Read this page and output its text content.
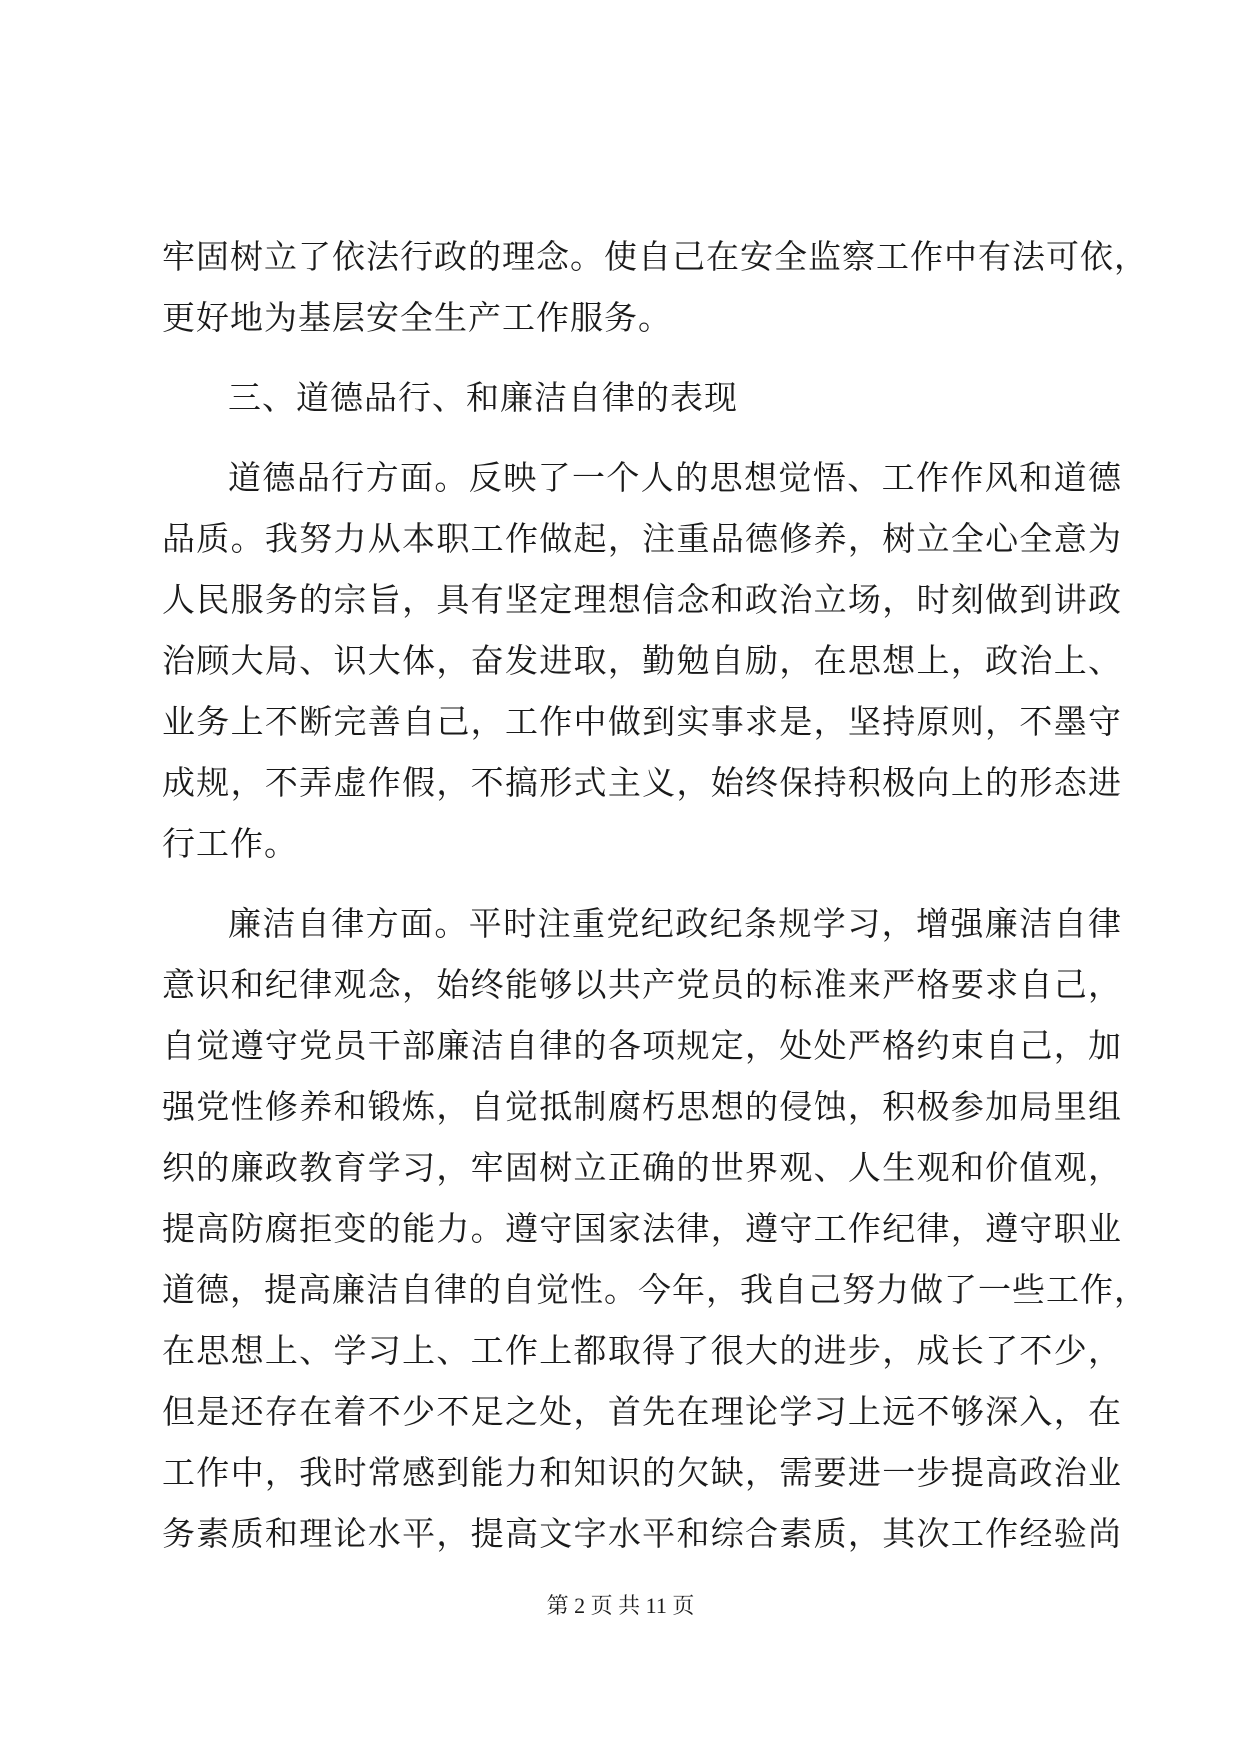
牢固树立了依法行政的理念。使自己在安全监察工作中有法可依，
更好地为基层安全生产工作服务。
三、道德品行、和廉洁自律的表现
道德品行方面。反映了一个人的思想觉悟、工作作风和道德
品质。我努力从本职工作做起，注重品德修养，树立全心全意为
人民服务的宗旨，具有坚定理想信念和政治立场，时刻做到讲政
治顾大局、识大体，奋发进取，勤勉自励，在思想上，政治上、
业务上不断完善自己，工作中做到实事求是，坚持原则，不墨守
成规，不弄虚作假，不搞形式主义，始终保持积极向上的形态进
行工作。
廉洁自律方面。平时注重党纪政纪条规学习，增强廉洁自律
意识和纪律观念，始终能够以共产党员的标准来严格要求自己，
自觉遵守党员干部廉洁自律的各项规定，处处严格约束自己，加
强党性修养和锻炼，自觉抵制腐朽思想的侵蚀，积极参加局里组
织的廉政教育学习，牢固树立正确的世界观、人生观和价值观，
提高防腐拒变的能力。遵守国家法律，遵守工作纪律，遵守职业
道德，提高廉洁自律的自觉性。今年，我自己努力做了一些工作，
在思想上、学习上、工作上都取得了很大的进步，成长了不少，
但是还存在着不少不足之处，首先在理论学习上远不够深入，在
工作中，我时常感到能力和知识的欠缺，需要进一步提高政治业
务素质和理论水平，提高文字水平和综合素质，其次工作经验尚
第 2 页 共 11 页
